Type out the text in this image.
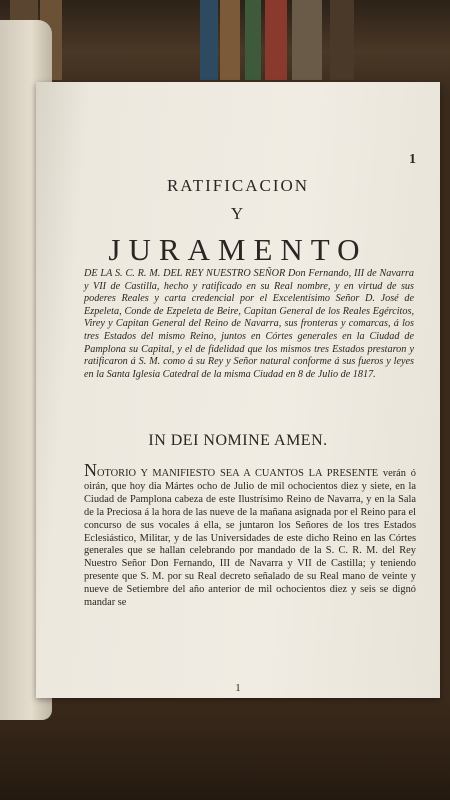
1
RATIFICACION
Y
JURAMENTO
DE LA S. C. R. M. DEL REY NUESTRO SEÑOR Don Fernando, III de Navarra y VII de Castilla, hecho y ratificado en su Real nombre, y en virtud de sus poderes Reales y carta credencial por el Excelentísimo Señor D. José de Ezpeleta, Conde de Ezpeleta de Beire, Capitan General de los Reales Egércitos, Virey y Capitan General del Reino de Navarra, sus fronteras y comarcas, á los tres Estados del mismo Reino, juntos en Córtes generales en la Ciudad de Pamplona su Capital, y el de fidelidad que los mismos tres Estados prestaron y ratificaron á S. M. como á su Rey y Señor natural conforme á sus fueros y leyes en la Santa Iglesia Catedral de la misma Ciudad en 8 de Julio de 1817.
IN DEI NOMINE AMEN.
NOTORIO Y MANIFIESTO SEA A CUANTOS LA PRESENTE verán ó oirán, que hoy dia Mártes ocho de Julio de mil ochocientos diez y siete, en la Ciudad de Pamplona cabeza de este Ilustrísimo Reino de Navarra, y en la Sala de la Preciosa á la hora de las nueve de la mañana asignada por el Reino para el concurso de sus vocales á ella, se juntaron los Señores de los tres Estados Eclesiástico, Militar, y de las Universidades de este dicho Reino en las Córtes generales que se hallan celebrando por mandado de la S. C. R. M. del Rey Nuestro Señor Don Fernando, III de Navarra y VII de Castilla; y teniendo presente que S. M. por su Real decreto señalado de su Real mano de veinte y nueve de Setiembre del año anterior de mil ochocientos diez y seis se dignó mandar se
1
